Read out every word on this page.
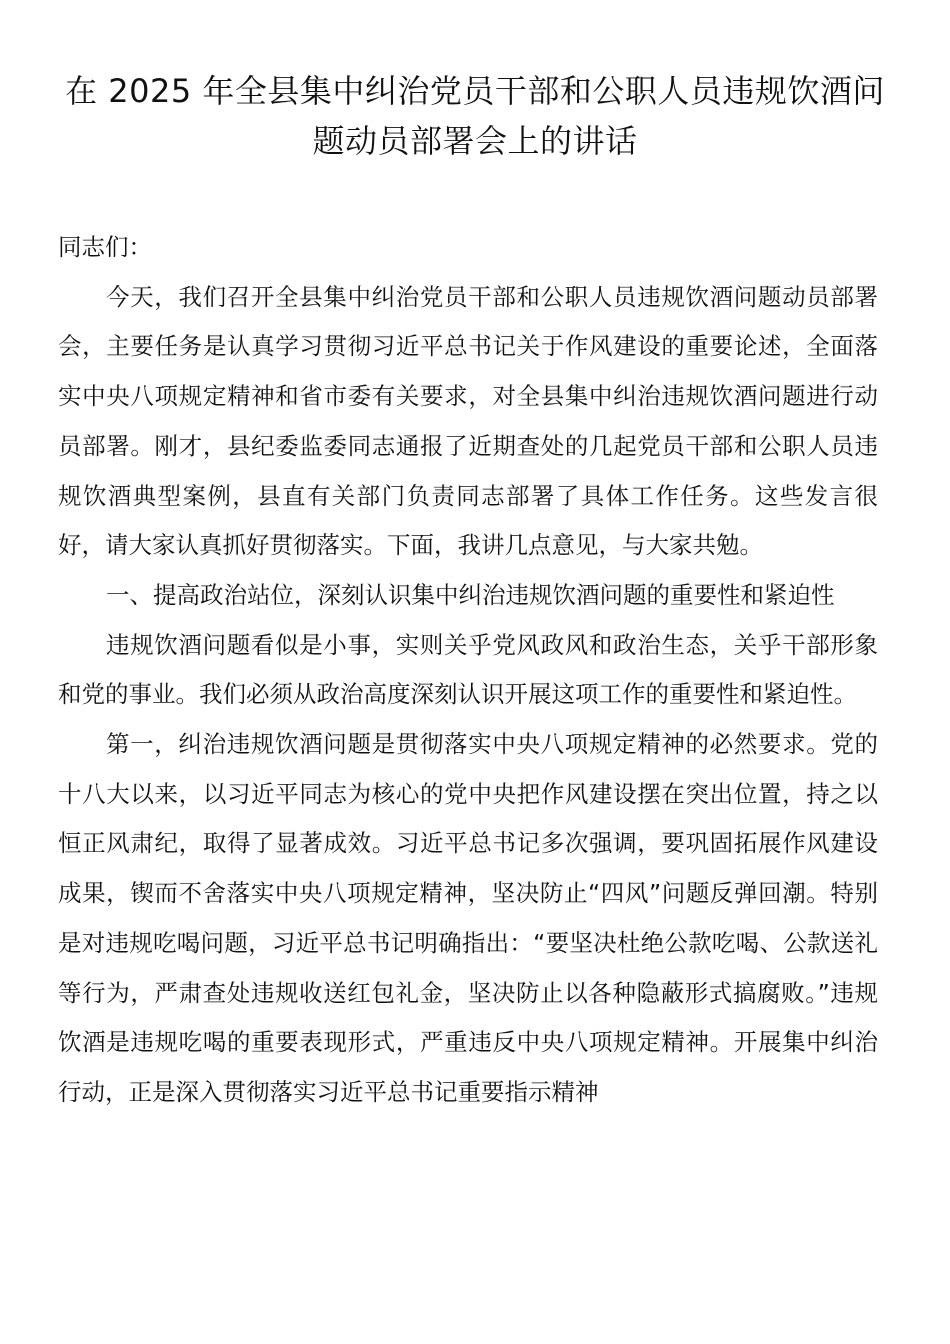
在 2025 年全县集中纠治党员干部和公职人员违规饮酒问题动员部署会上的讲话

同志们：

今天，我们召开全县集中纠治党员干部和公职人员违规饮酒问题动员部署会，主要任务是认真学习贯彻习近平总书记关于作风建设的重要论述，全面落实中央八项规定精神和省市委有关要求，对全县集中纠治违规饮酒问题进行动员部署。刚才，县纪委监委同志通报了近期查处的几起党员干部和公职人员违规饮酒典型案例，县直有关部门负责同志部署了具体工作任务。这些发言很好，请大家认真抓好贯彻落实。下面，我讲几点意见，与大家共勉。

一、提高政治站位，深刻认识集中纠治违规饮酒问题的重要性和紧迫性

违规饮酒问题看似是小事，实则关乎党风政风和政治生态，关乎干部形象和党的事业。我们必须从政治高度深刻认识开展这项工作的重要性和紧迫性。

第一，纠治违规饮酒问题是贯彻落实中央八项规定精神的必然要求。党的十八大以来，以习近平同志为核心的党中央把作风建设摆在突出位置，持之以恒正风肃纪，取得了显著成效。习近平总书记多次强调，要巩固拓展作风建设成果，锲而不舍落实中央八项规定精神，坚决防止“四风”问题反弹回潮。特别是对违规吃喝问题，习近平总书记明确指出：“要坚决杜绝公款吃喝、公款送礼等行为，严肃查处违规收送红包礼金，坚决防止以各种隐蔽形式搞腐败。”违规饮酒是违规吃喝的重要表现形式，严重违反中央八项规定精神。开展集中纠治行动，正是深入贯彻落实习近平总书记重要指示精神
